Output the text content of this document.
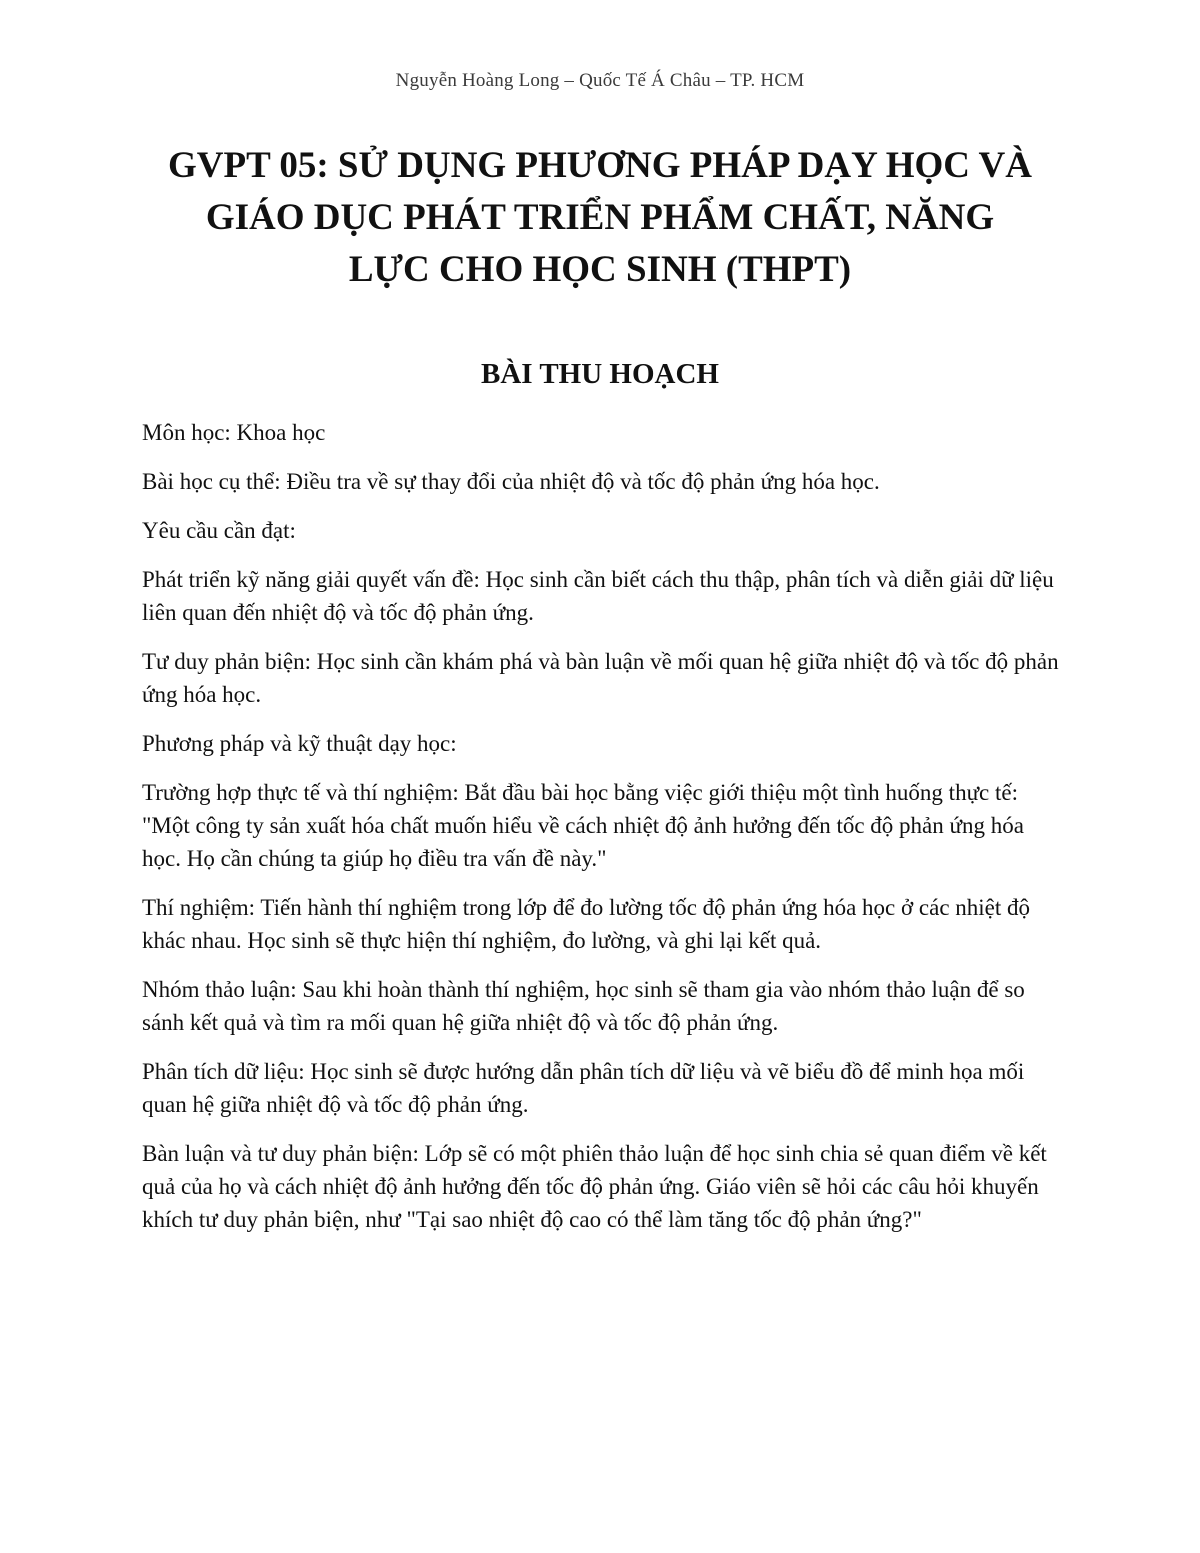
Nguyễn Hoàng Long – Quốc Tế Á Châu – TP. HCM
GVPT 05: SỬ DỤNG PHƯƠNG PHÁP DẠY HỌC VÀ
GIÁO DỤC PHÁT TRIỂN PHẨM CHẤT, NĂNG
LỰC CHO HỌC SINH (THPT)
BÀI THU HOẠCH

Môn học: Khoa học

Bài học cụ thể: Điều tra về sự thay đổi của nhiệt độ và tốc độ phản ứng hóa học.

Yêu cầu cần đạt:

Phát triển kỹ năng giải quyết vấn đề: Học sinh cần biết cách thu thập, phân tích và diễn giải dữ liệu liên quan đến nhiệt độ và tốc độ phản ứng.

Tư duy phản biện: Học sinh cần khám phá và bàn luận về mối quan hệ giữa nhiệt độ và tốc độ phản ứng hóa học.

Phương pháp và kỹ thuật dạy học:

Trường hợp thực tế và thí nghiệm: Bắt đầu bài học bằng việc giới thiệu một tình huống thực tế: "Một công ty sản xuất hóa chất muốn hiểu về cách nhiệt độ ảnh hưởng đến tốc độ phản ứng hóa học. Họ cần chúng ta giúp họ điều tra vấn đề này."

Thí nghiệm: Tiến hành thí nghiệm trong lớp để đo lường tốc độ phản ứng hóa học ở các nhiệt độ khác nhau. Học sinh sẽ thực hiện thí nghiệm, đo lường, và ghi lại kết quả.

Nhóm thảo luận: Sau khi hoàn thành thí nghiệm, học sinh sẽ tham gia vào nhóm thảo luận để so sánh kết quả và tìm ra mối quan hệ giữa nhiệt độ và tốc độ phản ứng.

Phân tích dữ liệu: Học sinh sẽ được hướng dẫn phân tích dữ liệu và vẽ biểu đồ để minh họa mối quan hệ giữa nhiệt độ và tốc độ phản ứng.

Bàn luận và tư duy phản biện: Lớp sẽ có một phiên thảo luận để học sinh chia sẻ quan điểm về kết quả của họ và cách nhiệt độ ảnh hưởng đến tốc độ phản ứng. Giáo viên sẽ hỏi các câu hỏi khuyến khích tư duy phản biện, như "Tại sao nhiệt độ cao có thể làm tăng tốc độ phản ứng?"
